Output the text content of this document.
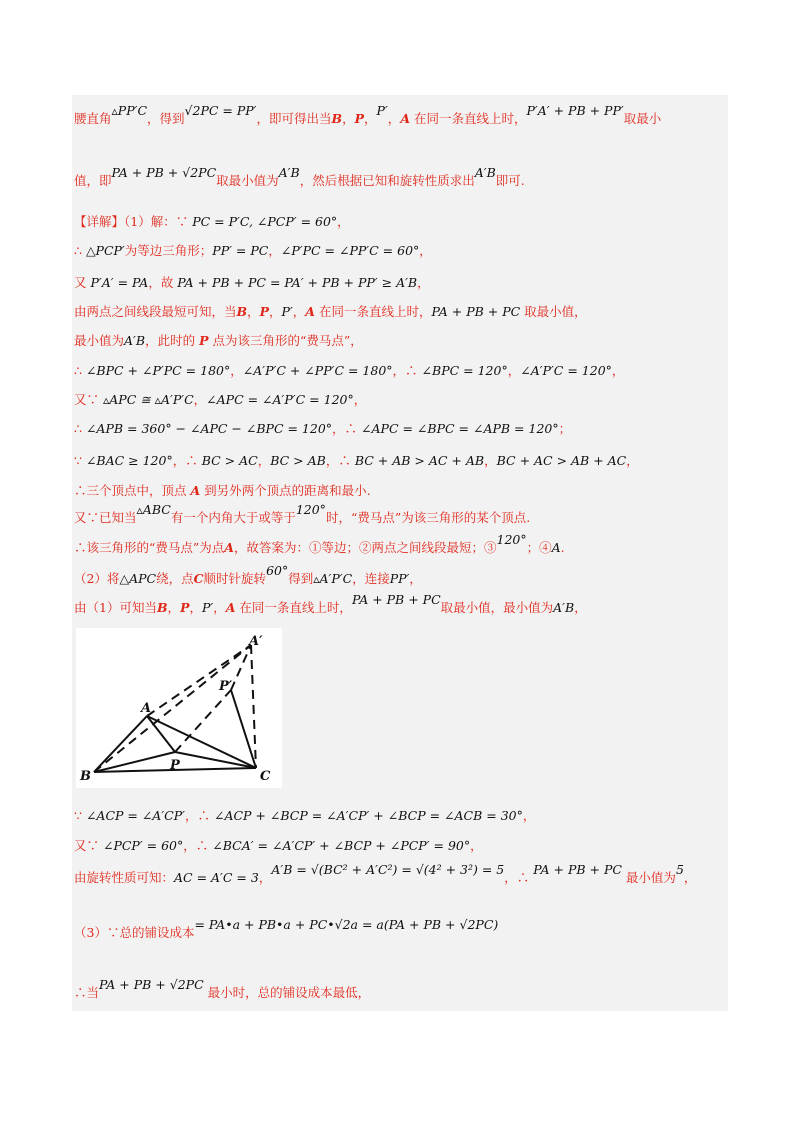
腰直角▵PP′C，得到√2PC = PP′，即可得出当B，P，P′，A 在同一条直线上时，P′A′ + PB + PP′取最小
值，即PA + PB + √2PC取最小值为A′B，然后根据已知和旋转性质求出A′B即可.
【详解】（1）解：∵ PC = P′C, ∠PCP′ = 60°，
∴ △PCP′为等边三角形；PP′ = PC，∠P′PC = ∠PP′C = 60°，
又 P′A′ = PA，故 PA + PB + PC = PA′ + PB + PP′ ≥ A′B，
由两点之间线段最短可知，当B，P，P′，A 在同一条直线上时，PA + PB + PC 取最小值，
最小值为A′B，此时的 P 点为该三角形的“费马点”，
∴ ∠BPC + ∠P′PC = 180°，∠A′P′C + ∠PP′C = 180°，∴ ∠BPC = 120°，∠A′P′C = 120°，
又∵ ▵APC ≅ ▵A′P′C，∠APC = ∠A′P′C = 120°，
∴ ∠APB = 360° − ∠APC − ∠BPC = 120°，∴ ∠APC = ∠BPC = ∠APB = 120°；
∵ ∠BAC ≥ 120°，∴ BC > AC，BC > AB，∴ BC + AB > AC + AB，BC + AC > AB + AC，
∴三个顶点中，顶点 A 到另外两个顶点的距离和最小.
又∵已知当▵ABC有一个内角大于或等于120°时，“费马点”为该三角形的某个顶点.
∴该三角形的“费马点”为点A，故答案为：①等边；②两点之间线段最短；③120°；④A.
（2）将△APC绕，点C顺时针旋转60°得到▵A′P′C，连接PP′，
由（1）可知当B，P，P′，A 在同一条直线上时，PA + PB + PC取最小值，最小值为A′B，
∵ ∠ACP = ∠A′CP′，∴ ∠ACP + ∠BCP = ∠A′CP′ + ∠BCP = ∠ACB = 30°，
又∵ ∠PCP′ = 60°，∴ ∠BCA′ = ∠A′CP′ + ∠BCP + ∠PCP′ = 90°，
由旋转性质可知：AC = A′C = 3，A′B = √(BC² + A′C²) = √(4² + 3²) = 5，∴ PA + PB + PC 最小值为5，
（3）∵总的铺设成本= PA•a + PB•a + PC•√2a = a(PA + PB + √2PC)
∴当PA + PB + √2PC 最小时，总的铺设成本最低，
A
B	C
P
A′
P′
